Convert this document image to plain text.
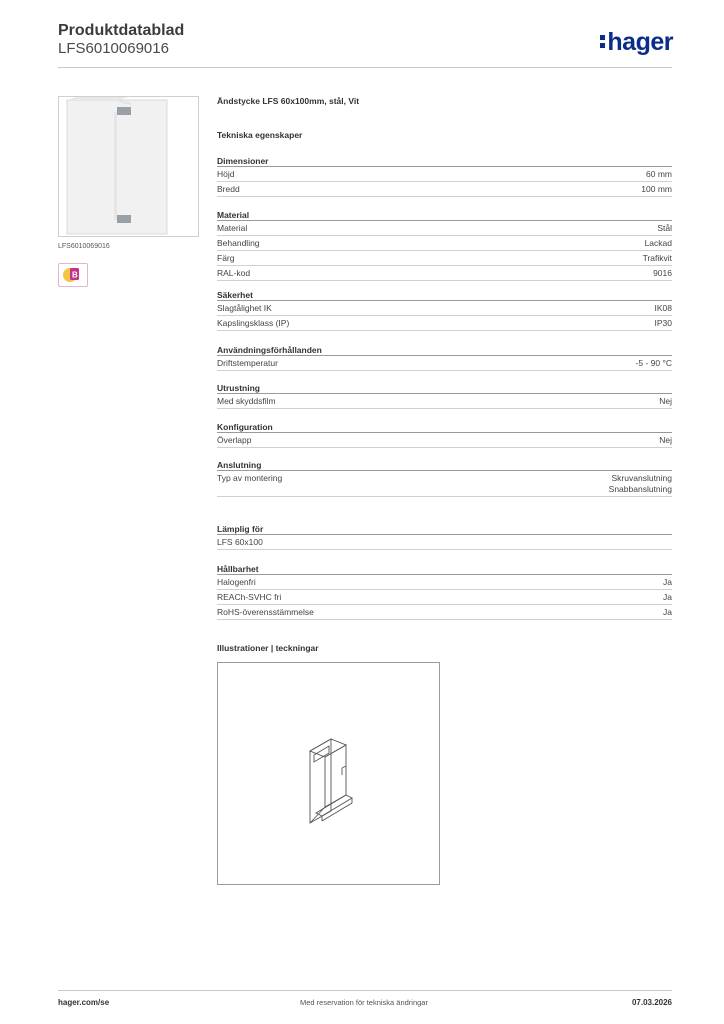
Produktdatablad
LFS6010069016	hager
LFS6010069016
B
Ändstycke LFS 60x100mm, stål, Vit
Tekniska egenskaper
Dimensioner
Höjd	60 mm
Bredd	100 mm
Material
Material	Stål
Behandling	Lackad
Färg	Trafikvit
RAL-kod	9016
Säkerhet
Slagtålighet IK	IK08
Kapslingsklass (IP)	IP30
Användningsförhållanden
Driftstemperatur	-5 - 90 °C
Utrustning
Med skyddsfilm	Nej
Konfiguration
Överlapp	Nej
Anslutning
Typ av montering	Skruvanslutning
Snabbanslutning
Lämplig för
LFS 60x100
Hållbarhet
Halogenfri	Ja
REACh-SVHC fri	Ja
RoHS-överensstämmelse	Ja
Illustrationer | teckningar
hager.com/se	Med reservation för tekniska ändringar	07.03.2026
